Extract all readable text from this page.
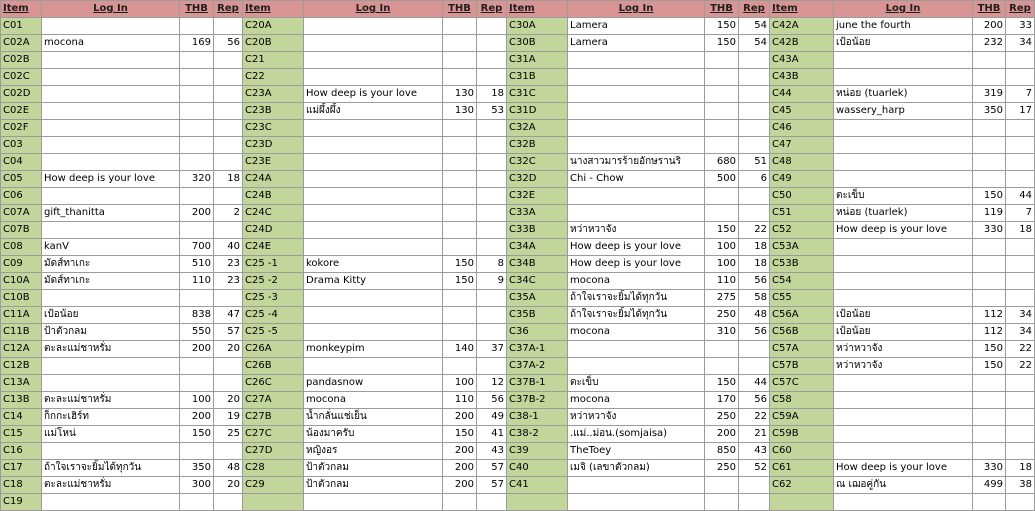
Item	Log In	THB	Rep	Item	Log In	THB	Rep	Item	Log In	THB	Rep	Item	Log In	THB	Rep
C01				C20A				C30A	Lamera	150	54	C42A	june the fourth	200	33
C02A	mocona	169	56	C20B				C30B	Lamera	150	54	C42B	เป้อน้อย	232	34
C02B				C21				C31A				C43A			
C02C				C22				C31B				C43B			
C02D				C23A	How deep is your love	130	18	C31C				C44	หน่อย (tuarlek)	319	7
C02E				C23B	แม่ผึ้งผึ้ง	130	53	C31D				C45	wassery_harp	350	17
C02F				C23C				C32A				C46			
C03				C23D				C32B				C47			
C04				C23E				C32C	นางสาวมารร้ายอักษรานริ	680	51	C48			
C05	How deep is your love	320	18	C24A				C32D	Chi - Chow	500	6	C49			
C06				C24B				C32E				C50	ตะเข็บ	150	44
C07A	gift_thanitta	200	2	C24C				C33A				C51	หน่อย (tuarlek)	119	7
C07B				C24D				C33B	หว่าหวาจัง	150	22	C52	How deep is your love	330	18
C08	kanV	700	40	C24E				C34A	How deep is your love	100	18	C53A			
C09	มัดส์ทาเกะ	510	23	C25 -1	kokore	150	8	C34B	How deep is your love	100	18	C53B			
C10A	มัดส์ทาเกะ	110	23	C25 -2	Drama Kitty	150	9	C34C	mocona	110	56	C54			
C10B				C25 -3				C35A	ถ้าใจเราจะยิ้มได้ทุกวัน	275	58	C55			
C11A	เป้อน้อย	838	47	C25 -4				C35B	ถ้าใจเราจะยิ้มได้ทุกวัน	250	48	C56A	เป้อน้อย	112	34
C11B	ป้าตัวกลม	550	57	C25 -5				C36	mocona	310	56	C56B	เป้อน้อย	112	34
C12A	ตะละแม่ชาหรั่ม	200	20	C26A	monkeypim	140	37	C37A-1				C57A	หว่าหวาจัง	150	22
C12B				C26B				C37A-2				C57B	หว่าหวาจัง	150	22
C13A				C26C	pandasnow	100	12	C37B-1	ตะเข็บ	150	44	C57C			
C13B	ตะละแม่ชาหรั่ม	100	20	C27A	mocona	110	56	C37B-2	mocona	170	56	C58			
C14	ก็กกะเฮิร์ท	200	19	C27B	น้ำกลั่นแช่เย็น	200	49	C38-1	หว่าหวาจัง	250	22	C59A			
C15	แม่โหน่	150	25	C27C	น้องมาครับ	150	41	C38-2	.แม่..ม่อน.(somjaisa)	200	21	C59B			
C16				C27D	หญิงอร	200	43	C39	TheToey	850	43	C60			
C17	ถ้าใจเราจะยิ้มได้ทุกวัน	350	48	C28	ป้าตัวกลม	200	57	C40	เมจิ (เลขาตัวกลม)	250	52	C61	How deep is your love	330	18
C18	ตะละแม่ชาหรั่ม	300	20	C29	ป้าตัวกลม	200	57	C41				C62	ณ เฌอคู่กัน	499	38
C19															
